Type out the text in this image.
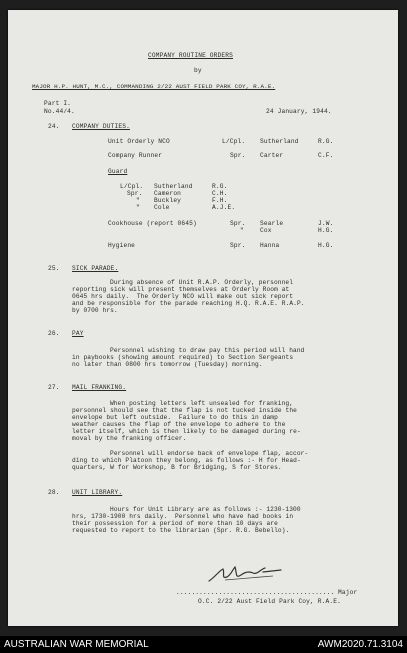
COMPANY ROUTINE ORDERS
by
MAJOR H.P. HUNT, M.C., COMMANDING 2/22 AUST FIELD PARK COY, R.A.E.
Part I.
No.44/4.	24 January, 1944.
24. COMPANY DUTIES.
Unit Orderly NCO	L/Cpl. Sutherland	R.G.
Company Runner	Spr. Carter	C.F.
Guard
L/Cpl. Sutherland	R.G.
Spr. Cameron	C.H.
" Buckley	F.H.
" Cole	A.J.E.
Cookhouse (report 0645)	Spr. Searle	J.W.
"	Cox	H.G.
Hygiene	Spr. Hanna	H.G.
25. SICK PARADE.
During absence of Unit R.A.P. Orderly, personnel
reporting sick will present themselves at Orderly Room at
0645 hrs daily.  The Orderly NCO will make out sick report
and be responsible for the parade reaching H.Q. R.A.E. R.A.P.
by 0700 hrs.
26. PAY
Personnel wishing to draw pay this period will hand
in paybooks (showing amount required) to Section Sergeants
no later than 0800 hrs tomorrow (Tuesday) morning.
27. MAIL FRANKING.
When posting letters left unsealed for franking,
personnel should see that the flap is not tucked inside the
envelope but left outside.  Failure to do this in damp
weather causes the flap of the envelope to adhere to the
letter itself, which is then likely to be damaged during re-
moval by the franking officer.
Personnel will endorse back of envelope flap, accor-
ding to which Platoon they belong, as follows :- H for Head-
quarters, W for Workshop, B for Bridging, S for Stores.
28. UNIT LIBRARY.
Hours for Unit Library are as follows :- 1230-1300
hrs, 1730-1900 hrs daily.  Personnel who have had books in
their possession for a period of more than 10 days are
requested to report to the librarian (Spr. R.G. Bebello).
......................................... Major
O.C. 2/22 Aust Field Park Coy, R.A.E.
AUSTRALIAN WAR MEMORIAL	AWM2020.71.3104
